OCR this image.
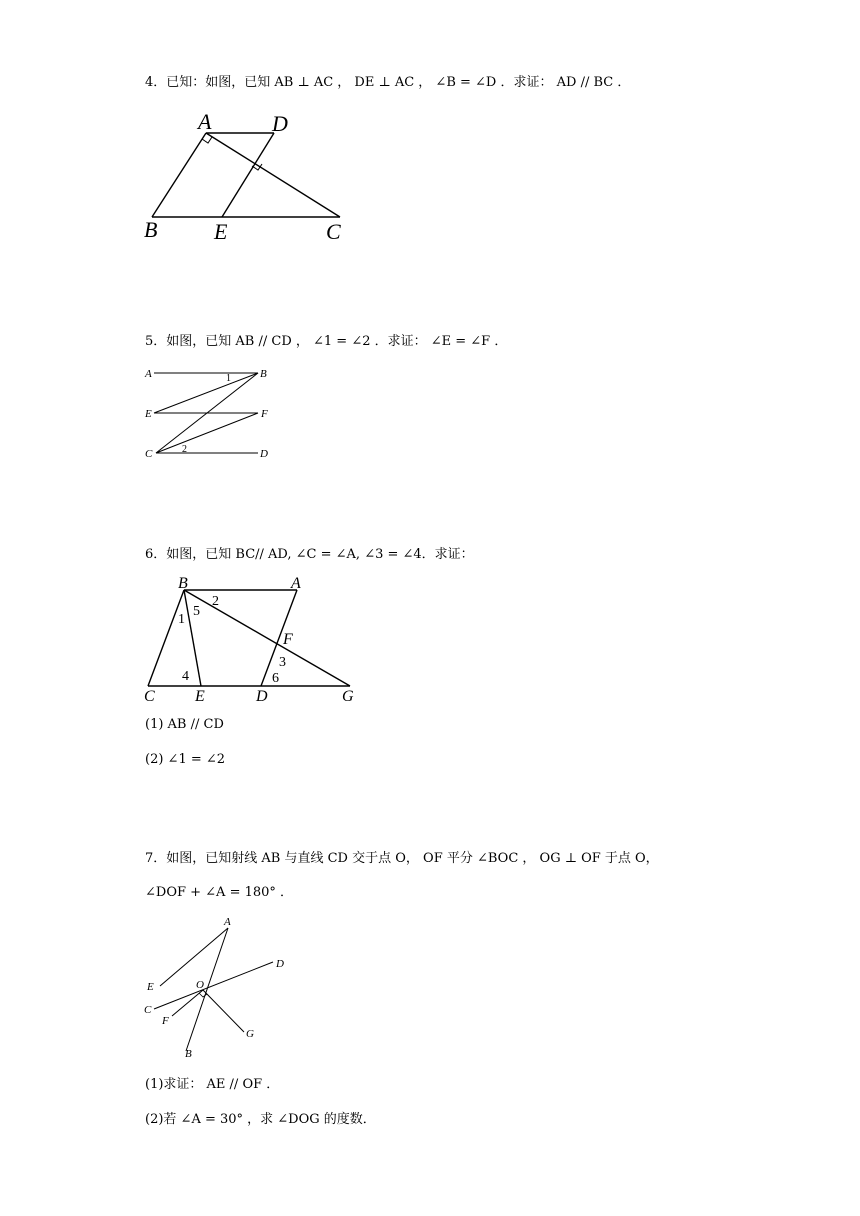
4．已知：如图，已知 AB ⊥ AC ， DE ⊥ AC ， ∠B = ∠D ．求证： AD // BC ．
A	D
B	E	C
5．如图，已知 AB // CD ， ∠1 = ∠2 ．求证： ∠E = ∠F ．
A	B
E	F
C	D
1
2
6．如图，已知 BC// AD, ∠C = ∠A, ∠3 = ∠4．求证：
B	A
F
C	E	D	G
1
2
3
4
5
6
(1) AB // CD
(2) ∠1 = ∠2
7．如图，已知射线 AB 与直线 CD 交于点 O， OF 平分 ∠BOC ， OG ⊥ OF 于点 O，
∠DOF + ∠A = 180° ．
A
D
E	O
C
F
G
B
(1)求证： AE // OF ．
(2)若 ∠A = 30° ，求 ∠DOG 的度数．
